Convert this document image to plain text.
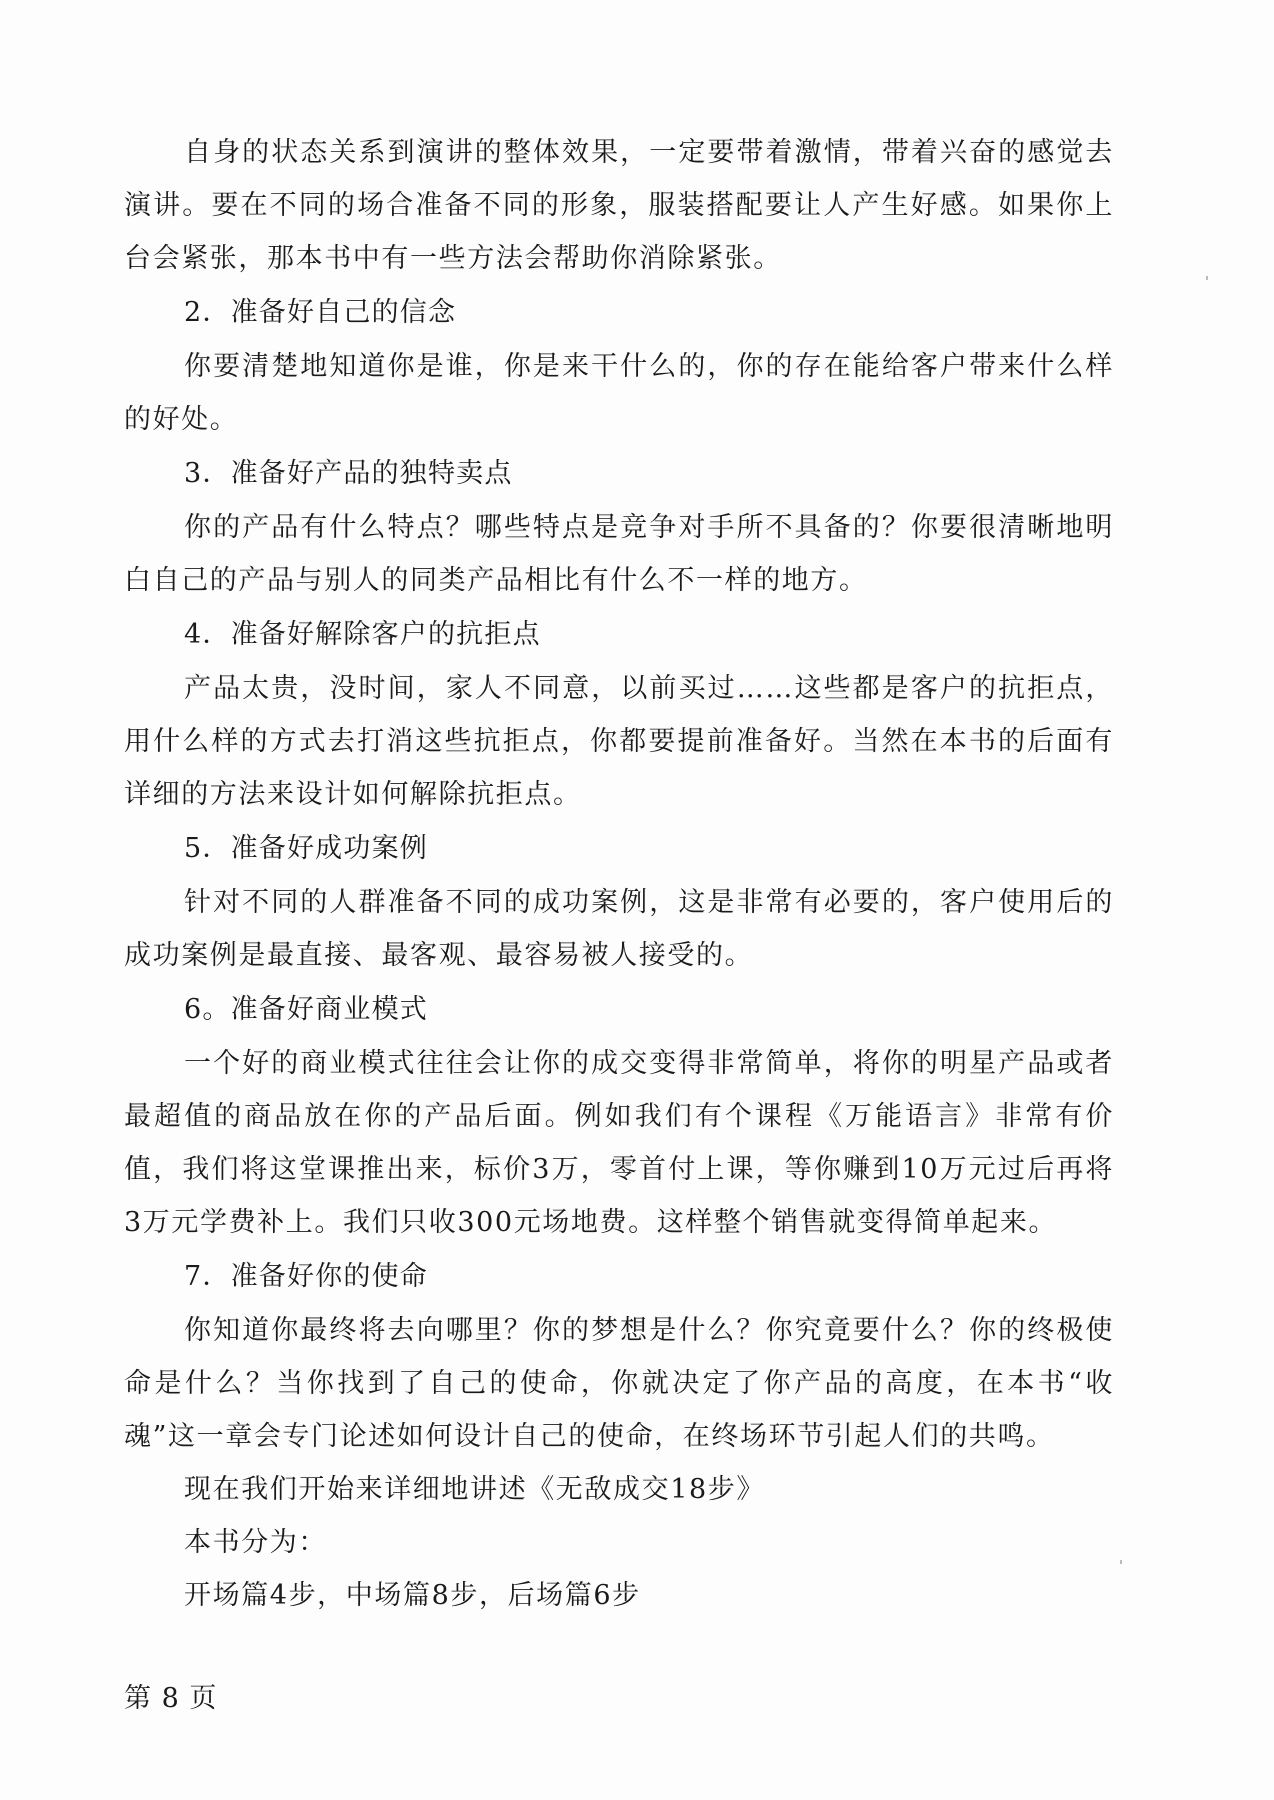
自身的状态关系到演讲的整体效果，一定要带着激情，带着兴奋的感觉去演讲。要在不同的场合准备不同的形象，服装搭配要让人产生好感。如果你上台会紧张，那本书中有一些方法会帮助你消除紧张。

2．准备好自己的信念

你要清楚地知道你是谁，你是来干什么的，你的存在能给客户带来什么样的好处。

3．准备好产品的独特卖点

你的产品有什么特点？哪些特点是竞争对手所不具备的？你要很清晰地明白自己的产品与别人的同类产品相比有什么不一样的地方。

4．准备好解除客户的抗拒点

产品太贵，没时间，家人不同意，以前买过……这些都是客户的抗拒点，用什么样的方式去打消这些抗拒点，你都要提前准备好。当然在本书的后面有详细的方法来设计如何解除抗拒点。

5．准备好成功案例

针对不同的人群准备不同的成功案例，这是非常有必要的，客户使用后的成功案例是最直接、最客观、最容易被人接受的。

6。准备好商业模式

一个好的商业模式往往会让你的成交变得非常简单，将你的明星产品或者最超值的商品放在你的产品后面。例如我们有个课程《万能语言》非常有价值，我们将这堂课推出来，标价3万，零首付上课，等你赚到10万元过后再将3万元学费补上。我们只收300元场地费。这样整个销售就变得简单起来。

7．准备好你的使命

你知道你最终将去向哪里？你的梦想是什么？你究竟要什么？你的终极使命是什么？当你找到了自己的使命，你就决定了你产品的高度，在本书“收魂”这一章会专门论述如何设计自己的使命，在终场环节引起人们的共鸣。

现在我们开始来详细地讲述《无敌成交18步》

本书分为：

开场篇4步，中场篇8步，后场篇6步

第 8 页
